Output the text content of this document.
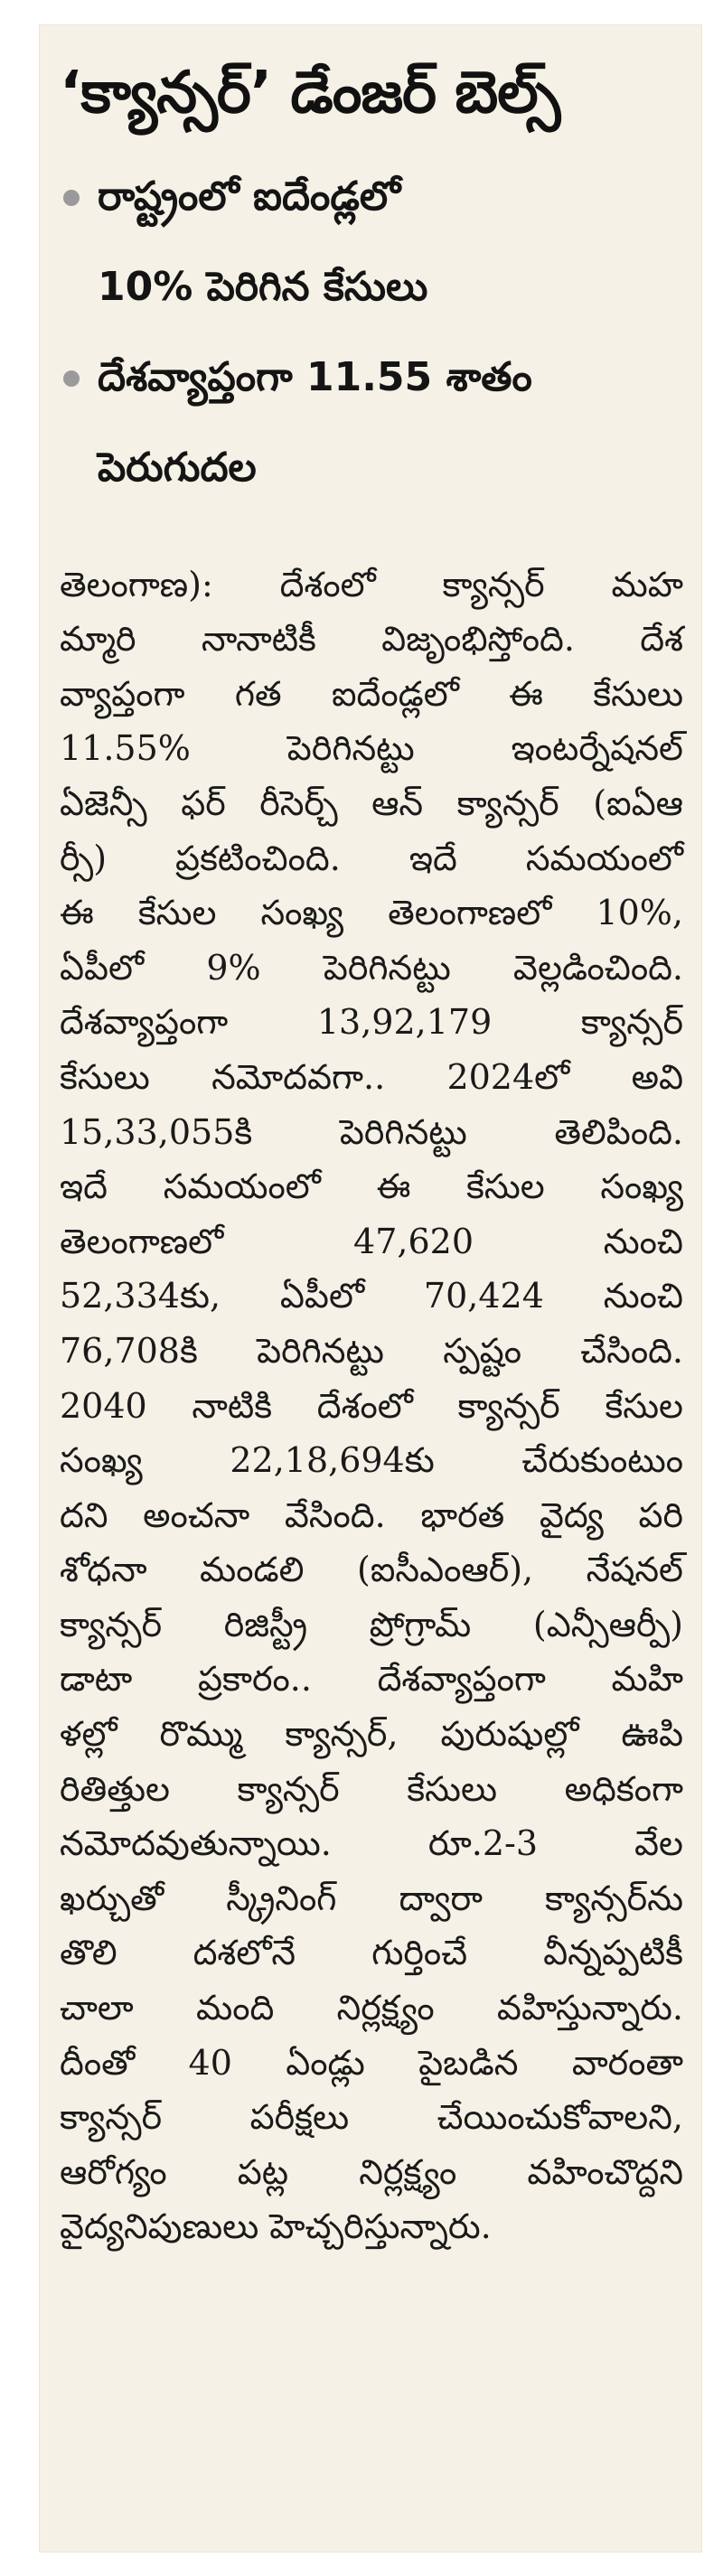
‘క్యాన్సర్’ డేంజర్ బెల్స్
రాష్ట్రంలో ఐదేండ్లలో
10% పెరిగిన కేసులు
దేశవ్యాప్తంగా 11.55 శాతం
పెరుగుదల
తెలంగాణ): దేశంలో క్యాన్సర్ మహ
మ్మారి నానాటికీ విజృంభిస్తోంది. దేశ
వ్యాప్తంగా గత ఐదేండ్లలో ఈ కేసులు
11.55% పెరిగినట్టు ఇంటర్నేషనల్
ఏజెన్సీ ఫర్ రీసెర్చ్ ఆన్ క్యాన్సర్ (ఐఏఆ
ర్సీ) ప్రకటించింది. ఇదే సమయంలో
ఈ కేసుల సంఖ్య తెలంగాణలో 10%,
ఏపీలో 9% పెరిగినట్టు వెల్లడించింది.
దేశవ్యాప్తంగా 13,92,179 క్యాన్సర్
కేసులు నమోదవగా.. 2024లో అవి
15,33,055కి పెరిగినట్టు తెలిపింది.
ఇదే సమయంలో ఈ కేసుల సంఖ్య
తెలంగాణలో 47,620 నుంచి
52,334కు, ఏపీలో 70,424 నుంచి
76,708కి పెరిగినట్టు స్పష్టం చేసింది.
2040 నాటికి దేశంలో క్యాన్సర్ కేసుల
సంఖ్య 22,18,694కు చేరుకుంటుం
దని అంచనా వేసింది. భారత వైద్య పరి
శోధనా మండలి (ఐసీఎంఆర్), నేషనల్
క్యాన్సర్ రిజిస్ట్రీ ప్రోగ్రామ్ (ఎన్సీఆర్పీ)
డాటా ప్రకారం.. దేశవ్యాప్తంగా మహి
ళల్లో రొమ్ము క్యాన్సర్, పురుషుల్లో ఊపి
రితిత్తుల క్యాన్సర్ కేసులు అధికంగా
నమోదవుతున్నాయి. రూ.2-3 వేల
ఖర్చుతో స్క్రీనింగ్ ద్వారా క్యాన్సర్‌ను
తొలి దశలోనే గుర్తించే వీన్నప్పటికీ
చాలా మంది నిర్లక్ష్యం వహిస్తున్నారు.
దీంతో 40 ఏండ్లు పైబడిన వారంతా
క్యాన్సర్ పరీక్షలు చేయించుకోవాలని,
ఆరోగ్యం పట్ల నిర్లక్ష్యం వహించొద్దని
వైద్యనిపుణులు హెచ్చరిస్తున్నారు.
